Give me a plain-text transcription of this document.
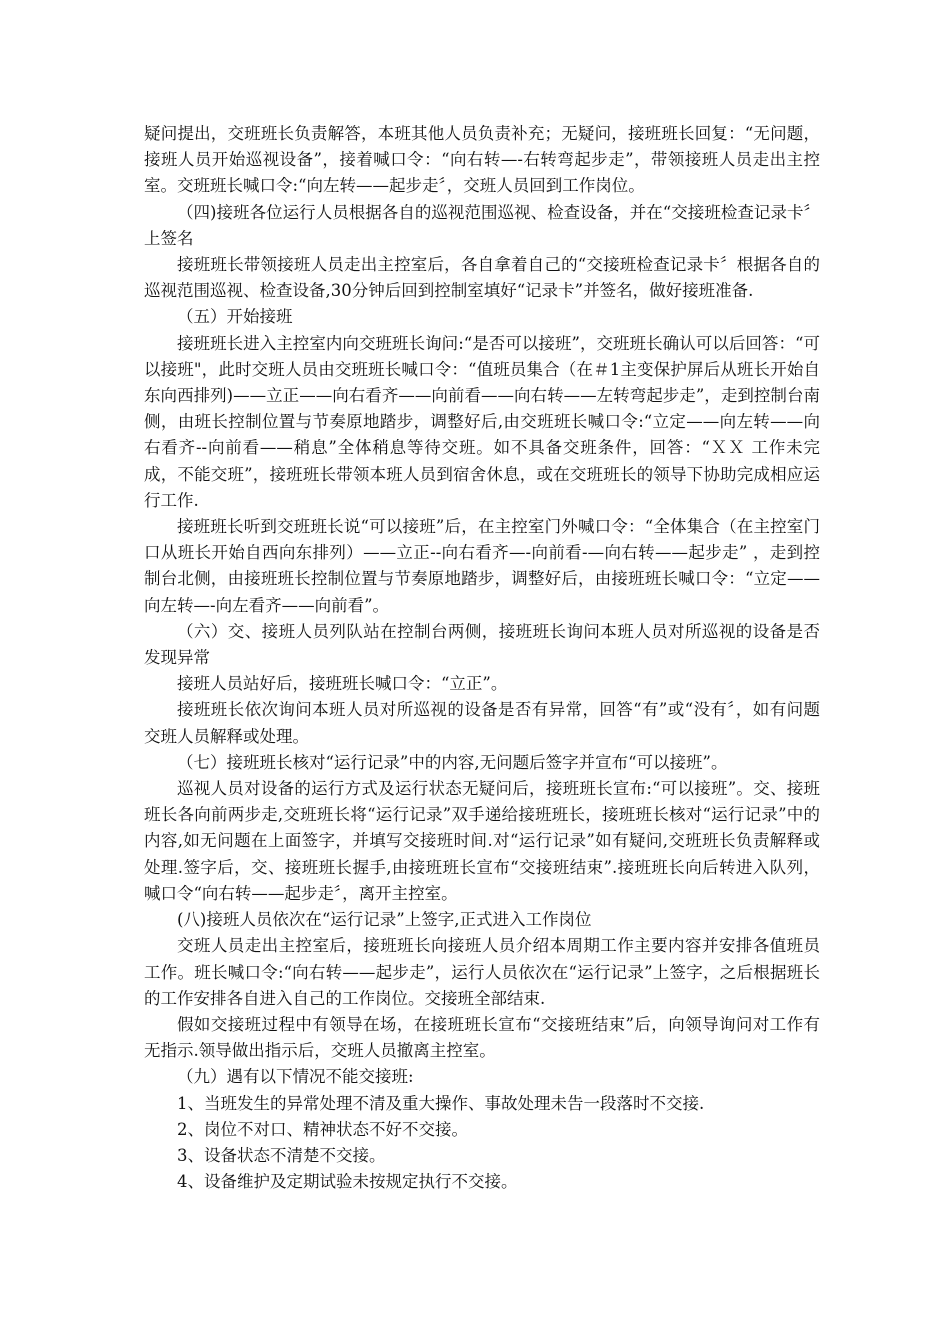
疑问提出，交班班长负责解答，本班其他人员负责补充；无疑问，接班班长回复：“无问题，接班人员开始巡视设备”，接着喊口令：“向右转—-右转弯起步走”，带领接班人员走出主控室。交班班长喊口令:“向左转——起步走〞，交班人员回到工作岗位。

（四)接班各位运行人员根据各自的巡视范围巡视、检查设备，并在“交接班检查记录卡〞上签名

接班班长带领接班人员走出主控室后，各自拿着自己的“交接班检查记录卡〞根据各自的巡视范围巡视、检查设备,30分钟后回到控制室填好“记录卡”并签名，做好接班准备.

（五）开始接班

接班班长进入主控室内向交班班长询问:“是否可以接班”，交班班长确认可以后回答：“可以接班"，此时交班人员由交班班长喊口令：“值班员集合（在＃1主变保护屏后从班长开始自东向西排列)——立正——向右看齐——向前看——向右转——左转弯起步走”，走到控制台南侧，由班长控制位置与节奏原地踏步，调整好后,由交班班长喊口令:“立定——向左转——向右看齐--向前看——稍息”全体稍息等待交班。如不具备交班条件，回答：“ＸＸ 工作未完成，不能交班”，接班班长带领本班人员到宿舍休息，或在交班班长的领导下协助完成相应运行工作.

接班班长听到交班班长说“可以接班”后，在主控室门外喊口令：“全体集合（在主控室门口从班长开始自西向东排列）——立正--向右看齐—-向前看-—向右转——起步走” ，走到控制台北侧，由接班班长控制位置与节奏原地踏步，调整好后，由接班班长喊口令：“立定——向左转—-向左看齐——向前看”。

（六）交、接班人员列队站在控制台两侧，接班班长询问本班人员对所巡视的设备是否发现异常

接班人员站好后，接班班长喊口令：“立正”。

接班班长依次询问本班人员对所巡视的设备是否有异常，回答“有”或“没有〞，如有问题交班人员解释或处理。

（七）接班班长核对“运行记录”中的内容,无问题后签字并宣布“可以接班”。

巡视人员对设备的运行方式及运行状态无疑问后，接班班长宣布:“可以接班”。交、接班班长各向前两步走,交班班长将“运行记录”双手递给接班班长，接班班长核对“运行记录”中的内容,如无问题在上面签字，并填写交接班时间.对“运行记录”如有疑问,交班班长负责解释或处理.签字后，交、接班班长握手,由接班班长宣布“交接班结束”.接班班长向后转进入队列，喊口令“向右转——起步走〞，离开主控室。

(八)接班人员依次在“运行记录”上签字,正式进入工作岗位

交班人员走出主控室后，接班班长向接班人员介绍本周期工作主要内容并安排各值班员工作。班长喊口令:“向右转——起步走”，运行人员依次在“运行记录”上签字，之后根据班长的工作安排各自进入自己的工作岗位。交接班全部结束.

假如交接班过程中有领导在场，在接班班长宣布“交接班结束”后，向领导询问对工作有无指示.领导做出指示后，交班人员撤离主控室。

（九）遇有以下情况不能交接班:

1、当班发生的异常处理不清及重大操作、事故处理未告一段落时不交接.

2、岗位不对口、精神状态不好不交接。

3、设备状态不清楚不交接。

4、设备维护及定期试验未按规定执行不交接。
